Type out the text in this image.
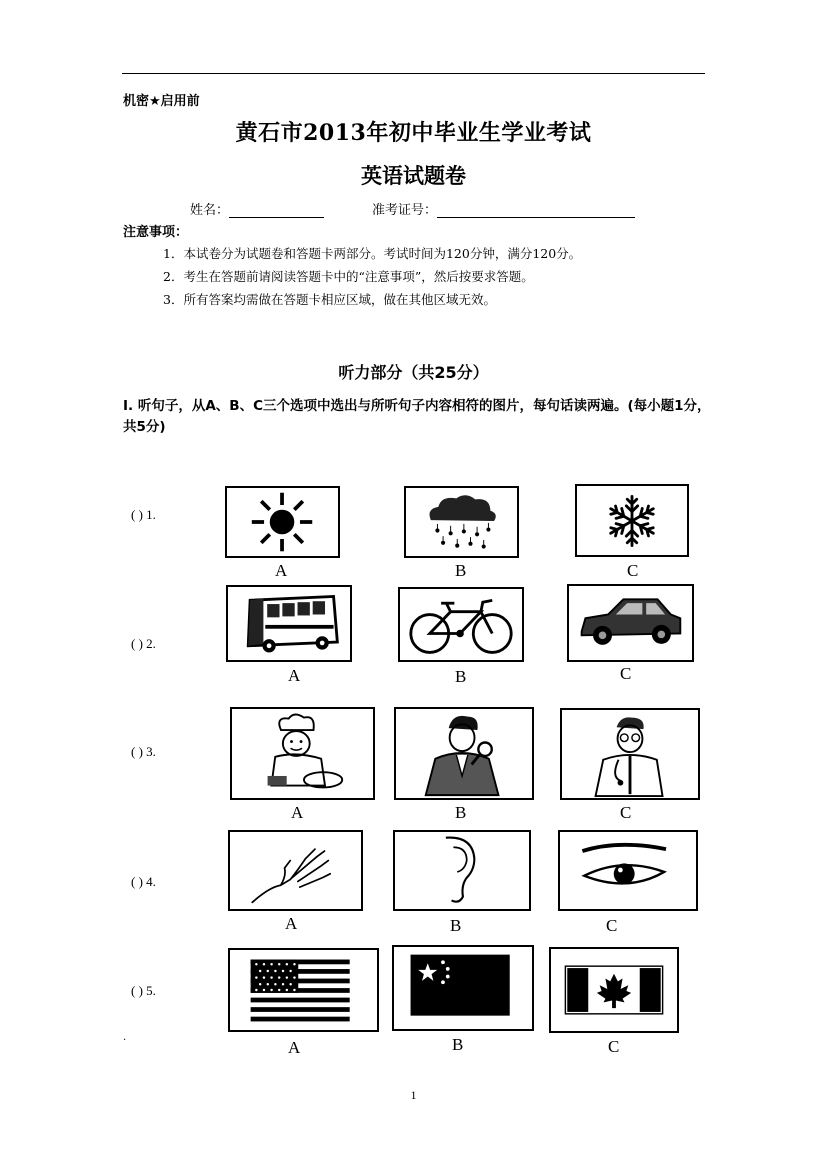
机密★启用前
黄石市2013年初中毕业生学业考试
英语试题卷
姓名：	准考证号：
注意事项：
1．本试卷分为试题卷和答题卡两部分。考试时间为120分钟，满分120分。
2．考生在答题前请阅读答题卡中的“注意事项”，然后按要求答题。
3．所有答案均需做在答题卡相应区域，做在其他区域无效。
听力部分（共25分）
I. 听句子，从A、B、C三个选项中选出与所听句子内容相符的图片，每句话读两遍。(每小题1分，共5分)
( ) 1.
A	B	C
( ) 2.
A	B	C
( ) 3.
A	B	C
( ) 4.
A	B	C
( ) 5.
A	B	C
.
1
